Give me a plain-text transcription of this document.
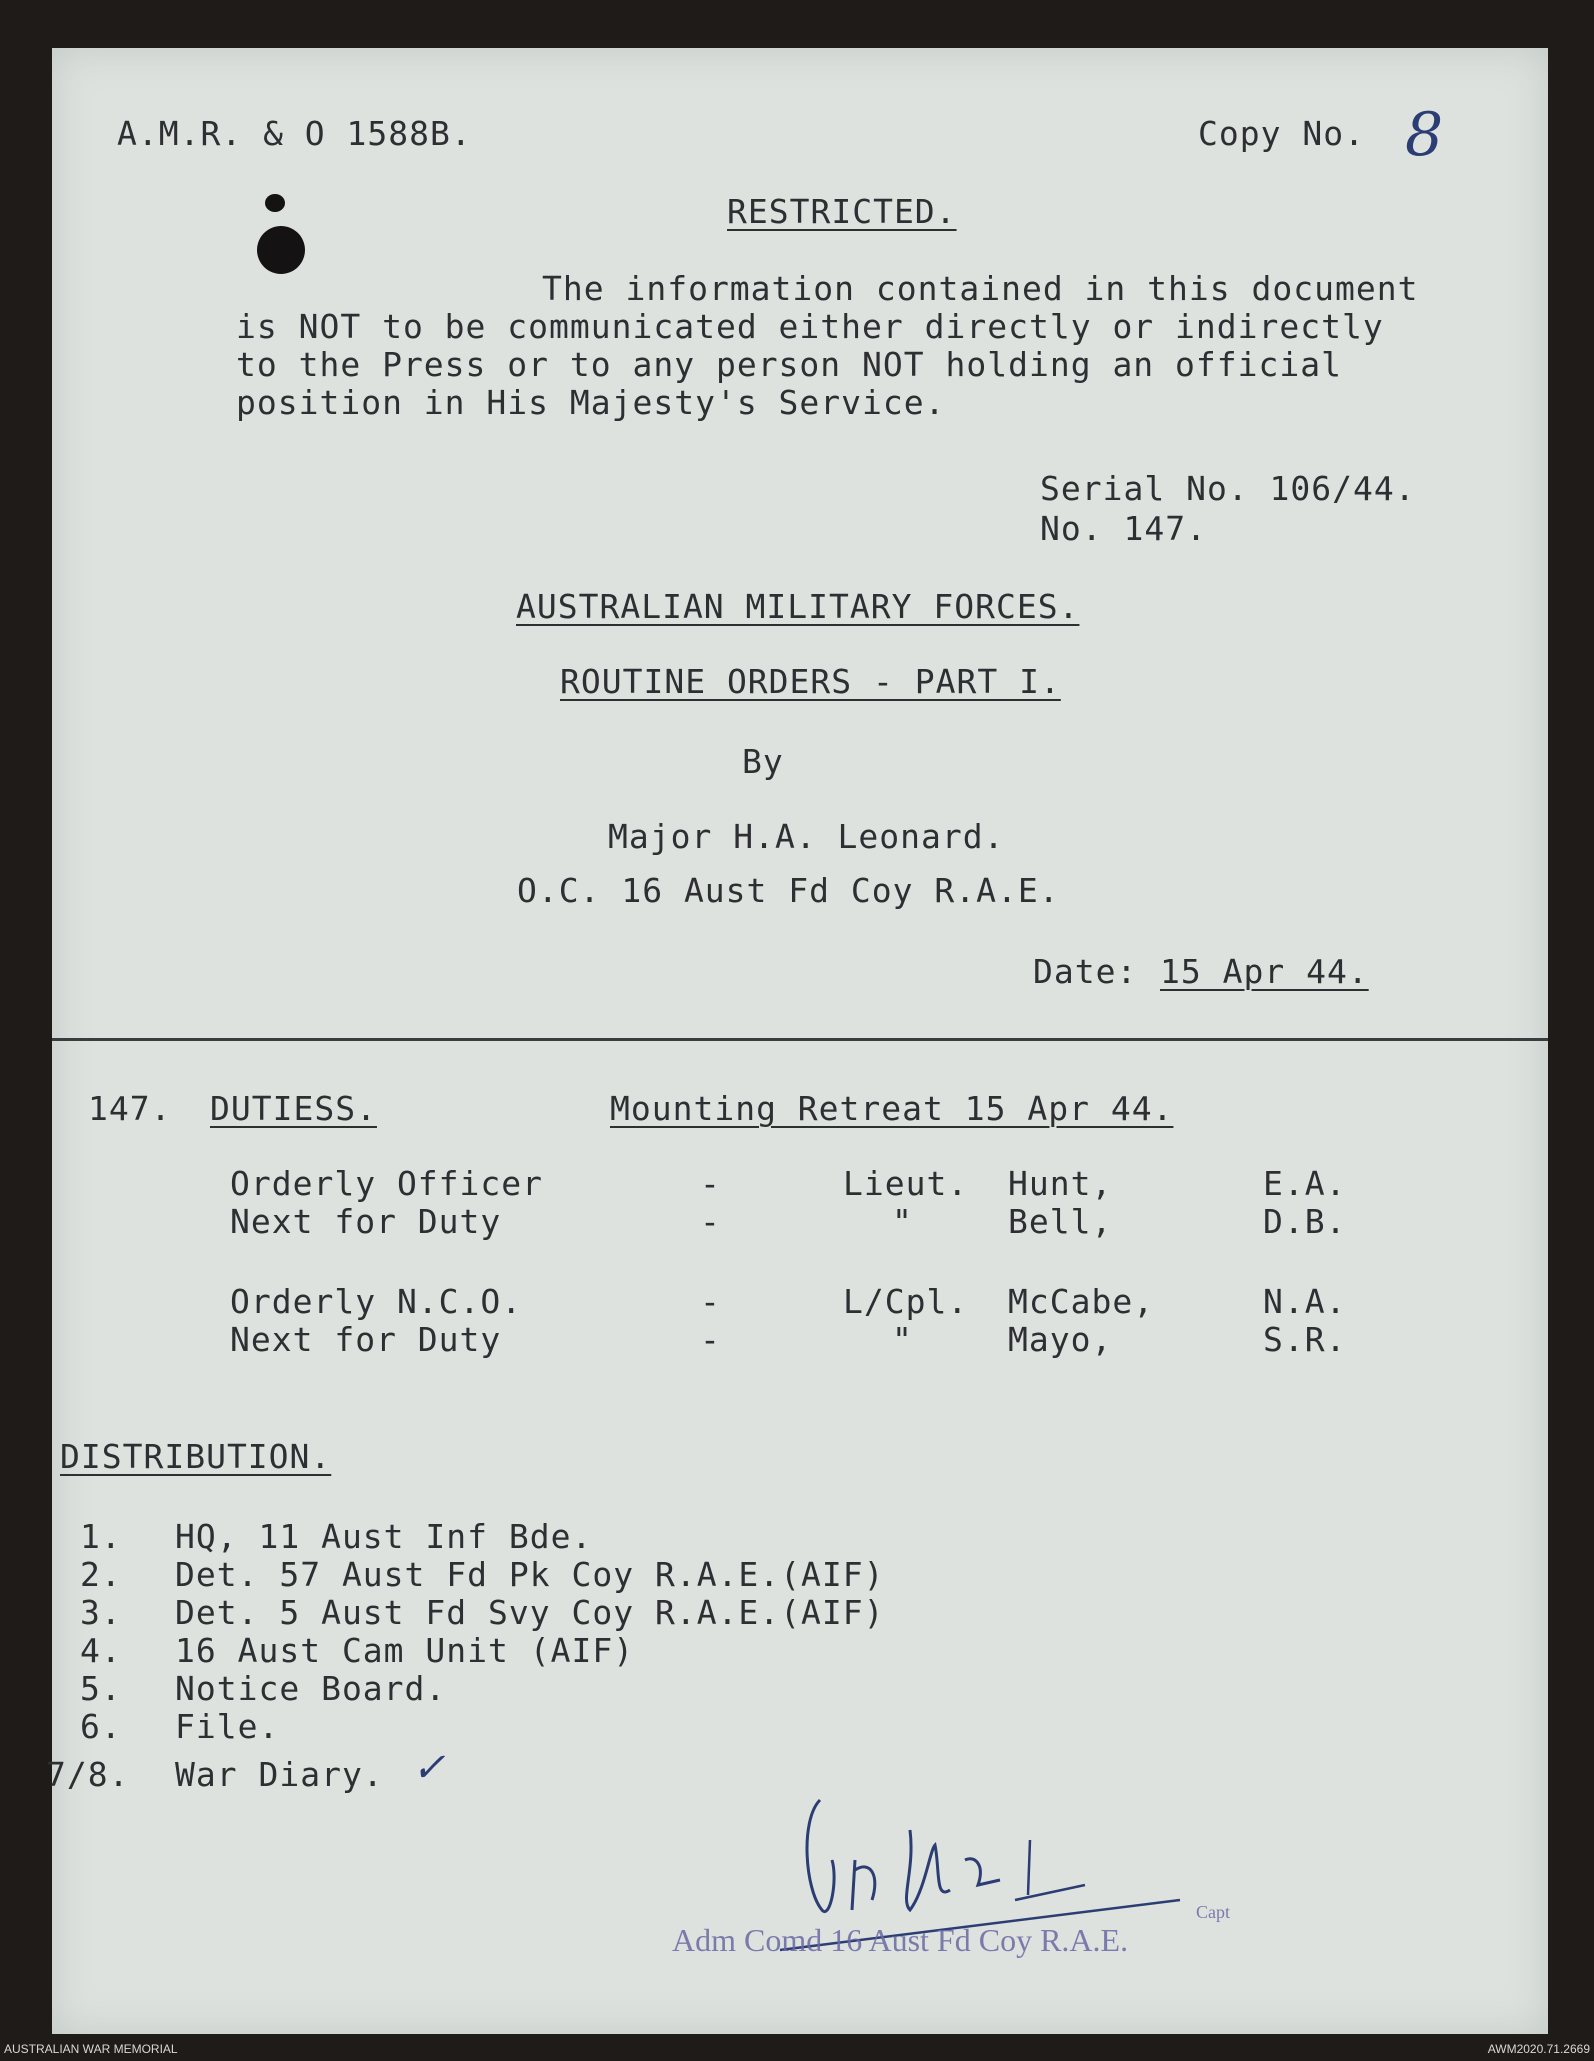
A.M.R. & O 1588B.	Copy No. 8
RESTRICTED.
The information contained in this document
is NOT to be communicated either directly or indirectly
to the Press or to any person NOT holding an official
position in His Majesty's Service.
Serial No. 106/44.
No. 147.
AUSTRALIAN MILITARY FORCES.
ROUTINE ORDERS - PART I.
By
Major H.A. Leonard.
O.C. 16 Aust Fd Coy R.A.E.
Date: 15 Apr 44.
147. DUTIESS.	Mounting Retreat 15 Apr 44.
Orderly Officer	-	Lieut. Hunt,	E.A.
Next for Duty	-	"	Bell,	D.B.
Orderly N.C.O.	-	L/Cpl. McCabe,	N.A.
Next for Duty	-	"	Mayo,	S.R.
DISTRIBUTION.
1. HQ, 11 Aust Inf Bde.
2. Det. 57 Aust Fd Pk Coy R.A.E.(AIF)
3. Det. 5 Aust Fd Svy Coy R.A.E.(AIF)
4. 16 Aust Cam Unit (AIF)
5. Notice Board.
6. File.
7/8. War Diary. ✓
Adm Comd 16 Aust Fd Coy R.A.E.
Capt
AUSTRALIAN WAR MEMORIAL	AWM2020.71.2669
